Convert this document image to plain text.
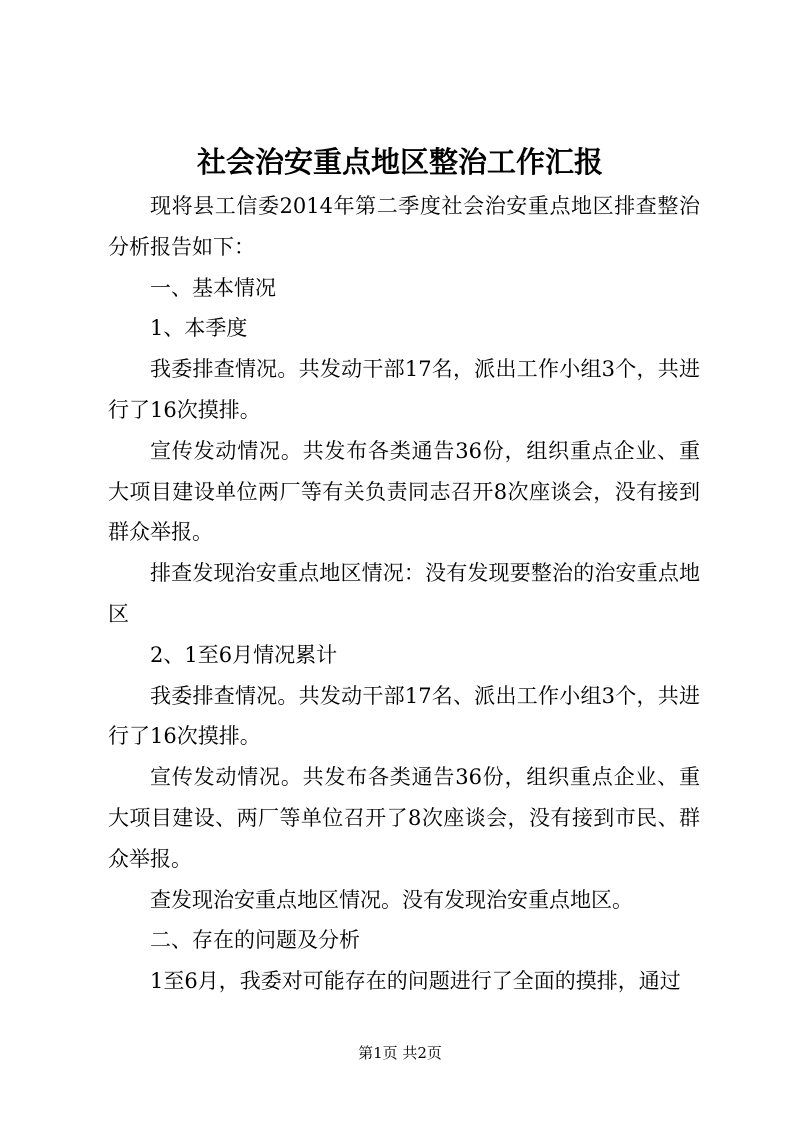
社会治安重点地区整治工作汇报

现将县工信委2014年第二季度社会治安重点地区排查整治分析报告如下：

一、基本情况

1、本季度

我委排查情况。共发动干部17名，派出工作小组3个，共进行了16次摸排。

宣传发动情况。共发布各类通告36份，组织重点企业、重大项目建设单位两厂等有关负责同志召开8次座谈会，没有接到群众举报。

排查发现治安重点地区情况：没有发现要整治的治安重点地区

2、1至6月情况累计

我委排查情况。共发动干部17名、派出工作小组3个，共进行了16次摸排。

宣传发动情况。共发布各类通告36份，组织重点企业、重大项目建设、两厂等单位召开了8次座谈会，没有接到市民、群众举报。

查发现治安重点地区情况。没有发现治安重点地区。

二、存在的问题及分析

1至6月，我委对可能存在的问题进行了全面的摸排，通过

第1页 共2页
